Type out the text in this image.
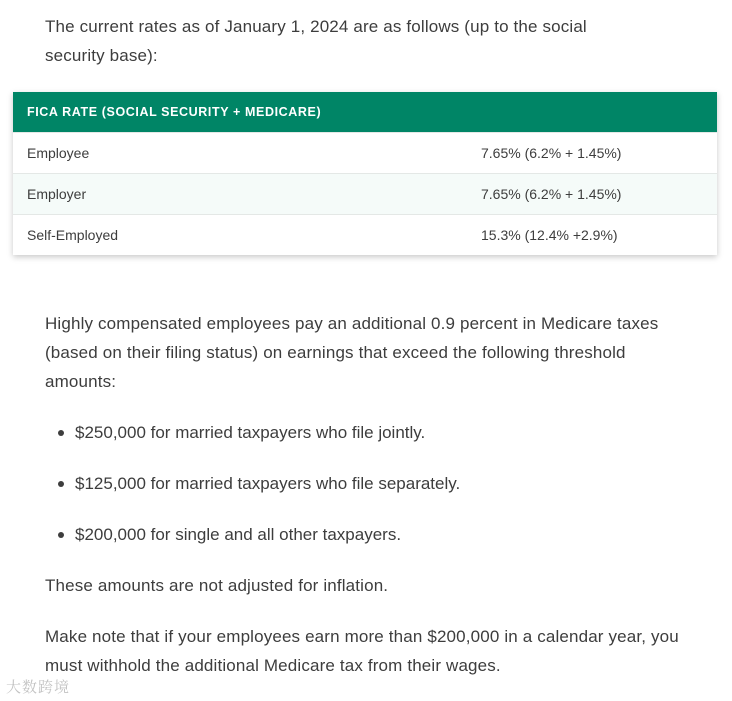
The current rates as of January 1, 2024 are as follows (up to the social security base):

FICA RATE (SOCIAL SECURITY + MEDICARE)
Employee	7.65% (6.2% + 1.45%)
Employer	7.65% (6.2% + 1.45%)
Self-Employed	15.3% (12.4% +2.9%)

Highly compensated employees pay an additional 0.9 percent in Medicare taxes (based on their filing status) on earnings that exceed the following threshold amounts:

$250,000 for married taxpayers who file jointly.
$125,000 for married taxpayers who file separately.
$200,000 for single and all other taxpayers.

These amounts are not adjusted for inflation.

Make note that if your employees earn more than $200,000 in a calendar year, you must withhold the additional Medicare tax from their wages.

大数跨境
